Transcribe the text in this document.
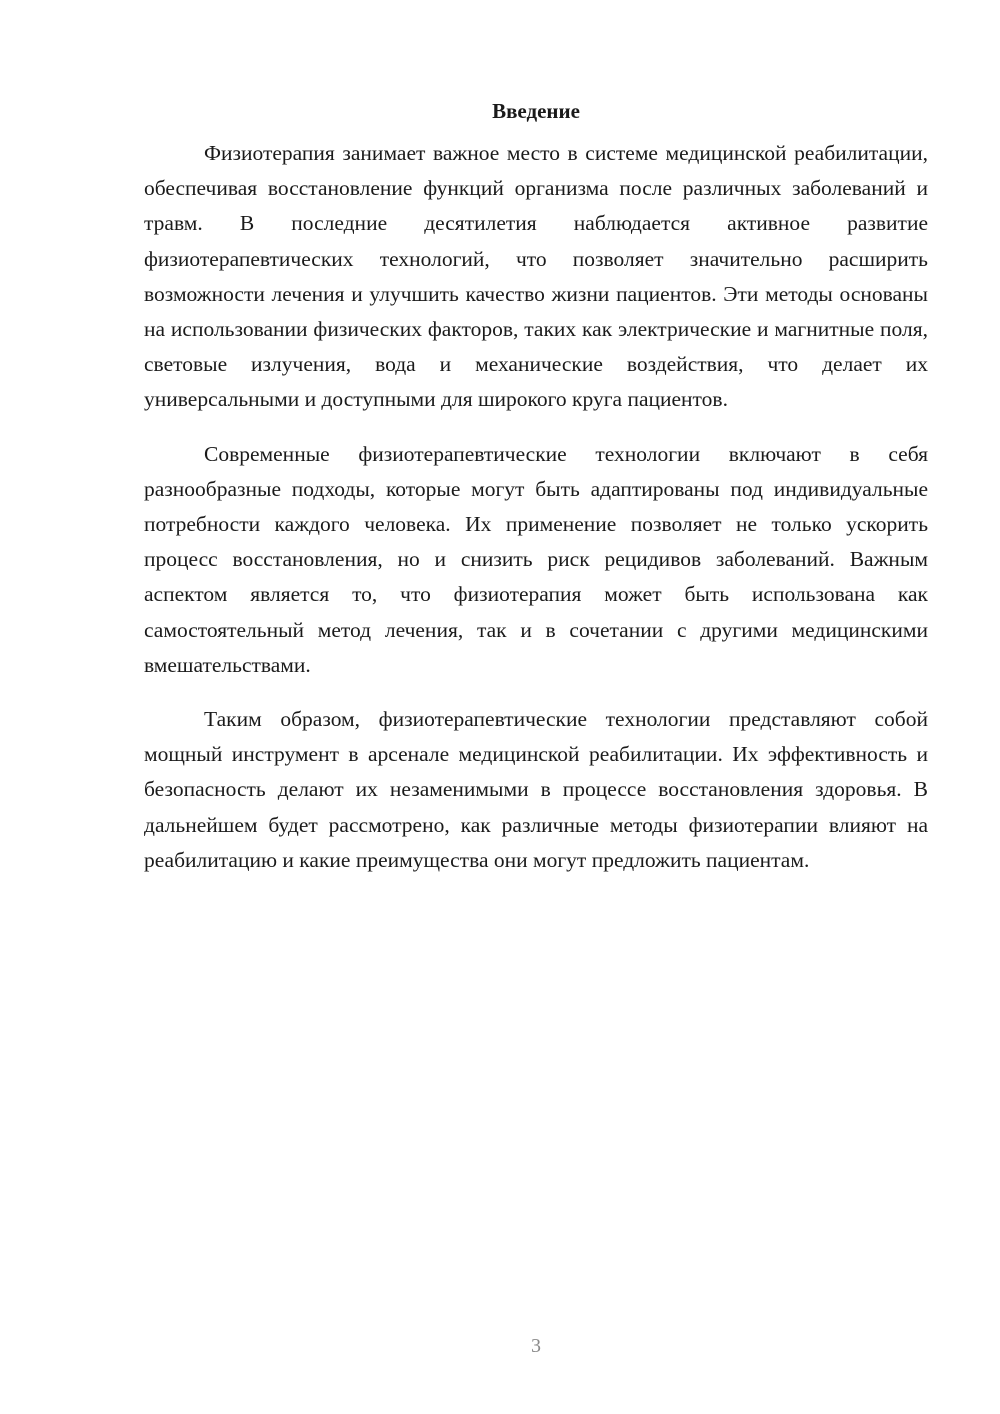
Введение

Физиотерапия занимает важное место в системе медицинской реабилитации, обеспечивая восстановление функций организма после различных заболеваний и травм. В последние десятилетия наблюдается активное развитие физиотерапевтических технологий, что позволяет значительно расширить возможности лечения и улучшить качество жизни пациентов. Эти методы основаны на использовании физических факторов, таких как электрические и магнитные поля, световые излучения, вода и механические воздействия, что делает их универсальными и доступными для широкого круга пациентов.

Современные физиотерапевтические технологии включают в себя разнообразные подходы, которые могут быть адаптированы под индивидуальные потребности каждого человека. Их применение позволяет не только ускорить процесс восстановления, но и снизить риск рецидивов заболеваний. Важным аспектом является то, что физиотерапия может быть использована как самостоятельный метод лечения, так и в сочетании с другими медицинскими вмешательствами.

Таким образом, физиотерапевтические технологии представляют собой мощный инструмент в арсенале медицинской реабилитации. Их эффективность и безопасность делают их незаменимыми в процессе восстановления здоровья. В дальнейшем будет рассмотрено, как различные методы физиотерапии влияют на реабилитацию и какие преимущества они могут предложить пациентам.

3
